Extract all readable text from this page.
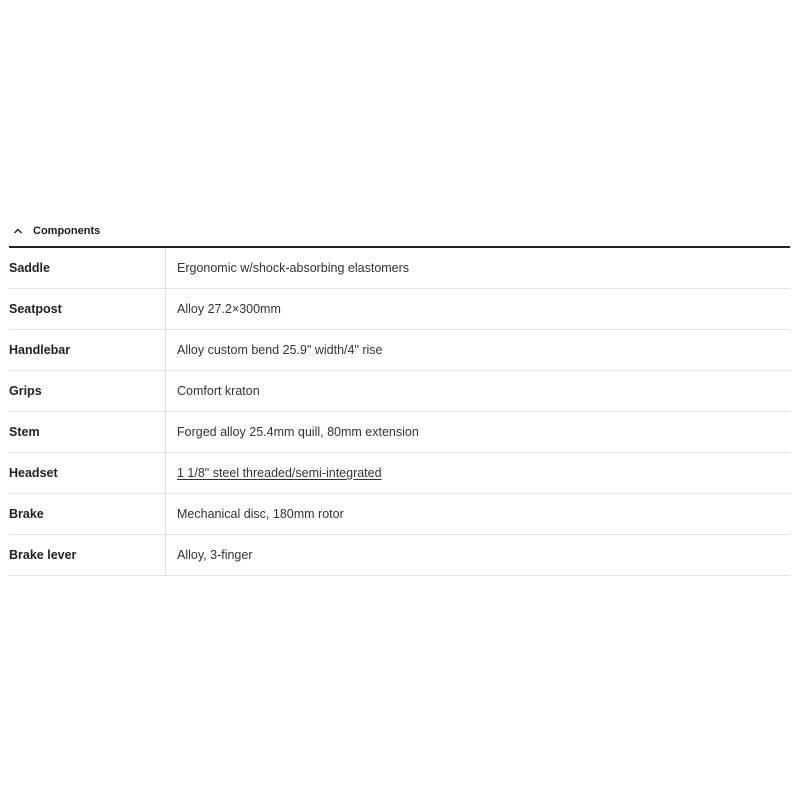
Components
Saddle	Ergonomic w/shock-absorbing elastomers
Seatpost	Alloy 27.2×300mm
Handlebar	Alloy custom bend 25.9" width/4" rise
Grips	Comfort kraton
Stem	Forged alloy 25.4mm quill, 80mm extension
Headset	1 1/8" steel threaded/semi-integrated
Brake	Mechanical disc, 180mm rotor
Brake lever	Alloy, 3-finger
